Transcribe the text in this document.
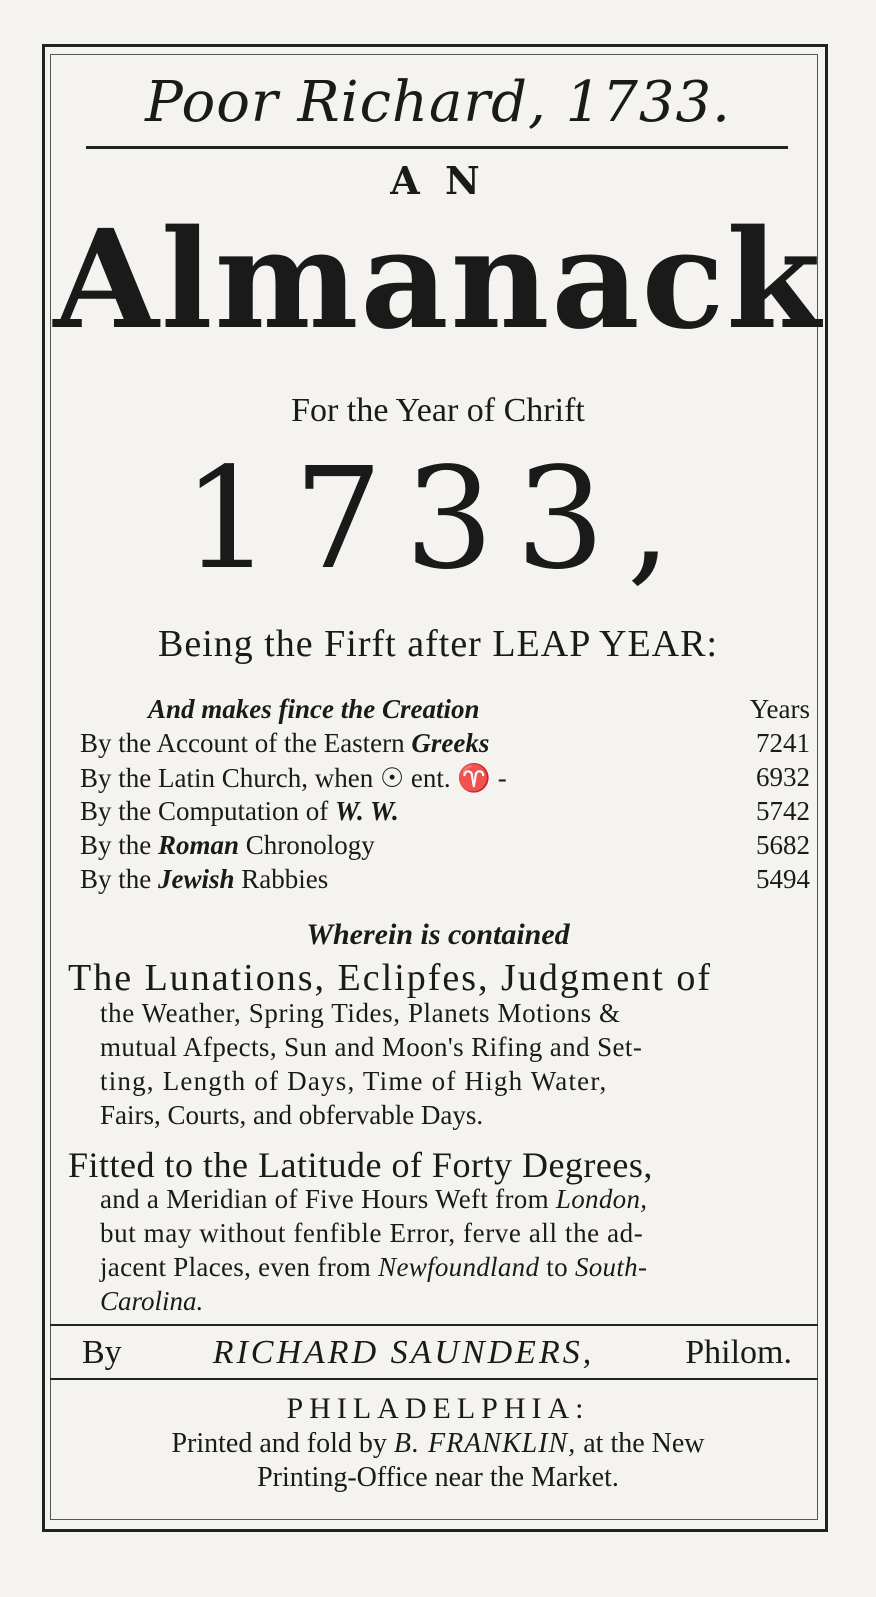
Poor Richard, 1733.
A N
Almanack
For the Year of Chrift
1733,
Being the Firft after LEAP YEAR:
And makes fince the Creation	Years
By the Account of the Eastern Greeks	7241
By the Latin Church, when ☉ ent. ♈ -	6932
By the Computation of W. W.	5742
By the Roman Chronology	5682
By the Jewish Rabbies	5494
Wherein is contained
The Lunations, Eclipfes, Judgment of
the Weather, Spring Tides, Planets Motions &
mutual Afpects, Sun and Moon's Rifing and Set-
ting, Length of Days, Time of High Water,
Fairs, Courts, and obfervable Days.
Fitted to the Latitude of Forty Degrees,
and a Meridian of Five Hours Weft from London,
but may without fenfible Error, ferve all the ad-
jacent Places, even from Newfoundland to South-
Carolina.
By	RICHARD SAUNDERS,	Philom.
PHILADELPHIA:
Printed and fold by B. FRANKLIN, at the New
Printing-Office near the Market.
